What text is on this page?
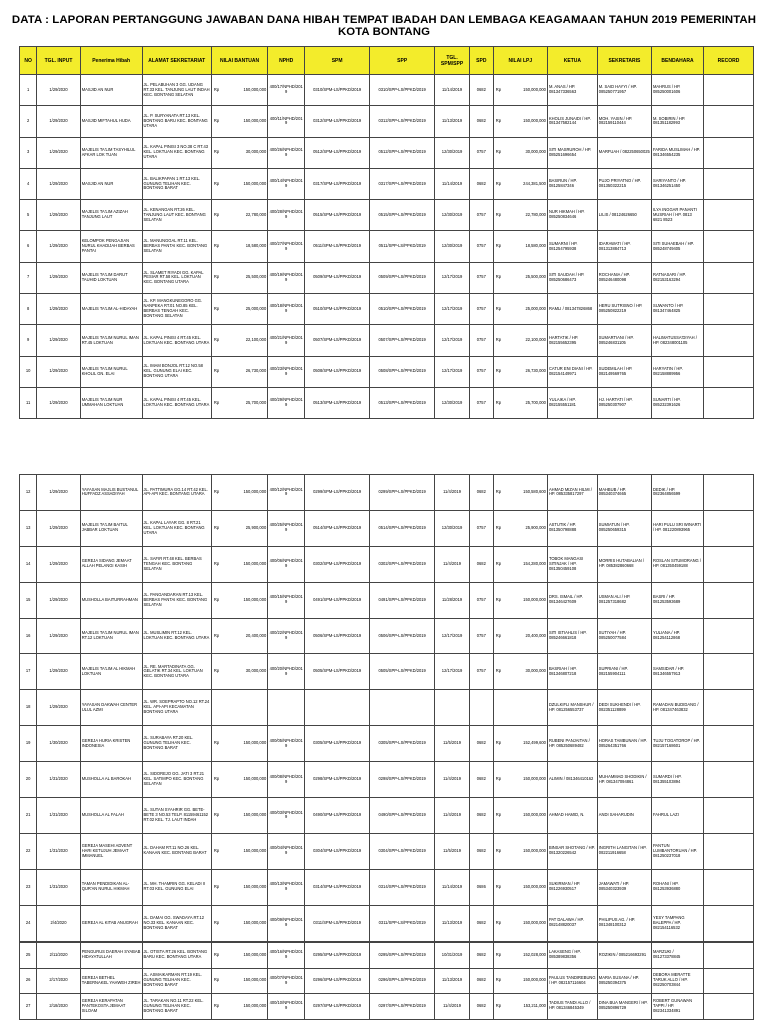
DATA : LAPORAN PERTANGGUNG JAWABAN DANA HIBAH TEMPAT IBADAH DAN LEMBAGA KEAGAMAAN TAHUN 2019 PEMERINTAH KOTA BONTANG
NO	TGL. INPUT	Penerima Hibah	ALAMAT SEKRETARIAT	NILAI BANTUAN	NPHD	SPM	SPP	TGL. SPM/SPP	SPD	NILAI LPJ	KETUA	SEKRETARIS	BENDAHARA	RECORD
1	1/29/2020	MASJID AN NUR	JL. PELABUHAN 3 GG. UDANG RT.33 KEL. TANJUNG LAUT INDAH KEC. BONTANG SELATAN	Rp 150,000,000	400/17/NPHD/2019	0310/SPM-LS/PPKD/2019	0310/SPP-LS/PPKD/2019	11/14/2019	0682	Rp 150,000,000	M. ANAS / HP. 081347336563	M. SAID HAYYI / HP. 085250771957	MAHRUS / HP. 085250001606	
2	1/29/2020	MASJID MIFTAHUL HUDA	JL. P. SURYANATA RT.13 KEL. BONTANG BARU KEC. BONTANG UTARA	Rp 150,000,000	400/11/NPHD/2019	0312/SPM-LS/PPKD/2019	0312/SPP-LS/PPKD/2019	11/13/2019	0682	Rp 150,000,000	KHOLIS JUNAIDI / HP. 081347582144	MOH. YASIN / HP. 082159110444	M. SOBIRIN / HP. 081351182993	
3	1/29/2020	MAJELIS TA'LIM TASYHILUL AFKAR LOK TUAN	JL. KAPAL PINISI 3 NO.38 C RT.43 KEL. LOKTUAN KEC. BONTANG UTARA	Rp 30,000,000	400/26/NPHD/2019	0512/SPM-LS/PPKD/2019	0512/SPP-LS/PPKD/2019	12/30/2019	0757	Rp 30,000,000	SITI MASRUROH / HP. 085251696654	MARFUAH / 082250650025	FARIDA MUSLIMAH / HP. 081346554235	
4	1/29/2020	MASJID AN NUR	JL. BALIKPAPAN 1 RT.13 KEL. GUNUNG TELIHAN KEC. BONTANG BARAT	Rp 150,000,000	400/14/NPHD/2019	0317/SPM-LS/PPKD/2019	0317/SPP-LS/PPKD/2019	11/14/2019	0682	Rp 244,381,500	BASIRUN / HP. 08125847346	PUJO PRIYATNO / HP. 081350322215	SARIYANTO / HP. 081346251450	
5	1/29/2020	MAJELIS TA'LIM AZIZAH TANJUNG LAUT	JL. KENANGAN RT.26 KEL. TANJUNG LAUT KEC. BONTANG SELATAN	Rp 22,780,000	400/28/NPHD/2019	0515/SPM-LS/PPKD/2019	0515/SPP-LS/PPKD/2019	12/30/2019	0757	Rp 22,780,000	NUR HIKMAH / HP. 085250834646	LILIS / 08124626650	ILYA INGGAR PANANTI MUSRIAH / HP. 0813 6821 8523	
6	1/29/2020	KELOMPOK PENGAJIAN NURUL KHADIJAH BERBAS PANTAI	JL. MANUNGGAL RT.11 KEL. BERBAS PANTAI KEC. BONTANG SELATAN	Rp 18,580,000	400/27/NPHD/2019	0511/SPM-LS/PPKD/2019	0511/SPP-LS/PPKD/2019	12/30/2019	0757	Rp 18,580,000	SUMARNI / HP. 081254795938	IDARAWATI / HP. 081313884713	SITI SUHAEBAH / HP. 085248749405	
7	1/29/2020	MAJELIS TA'LIM DARUT TAUHID LOKTUAN	JL. SLAMET RIYADI GG. KAPAL PESIAR RT.58 KEL. LOKTUAN KEC. BONTANG UTARA	Rp 25,500,000	400/19/NPHD/2019	0509/SPM-LS/PPKD/2019	0509/SPP-LS/PPKD/2019	12/17/2019	0757	Rp 25,500,000	SITI SAUDAH / HP. 085250686473	ROCHANIA / HP. 085246480098	RATNASARI / HP. 082153163294	
8	1/29/2020	MAJELIS TA'LIM AL-HIDAYAH	JL. KP. MANGKUNEGORO GG. NANPEKA RT.01 NO.85 KEL. BERBAS TENGAH KEC. BONTANG SELATAN	Rp 25,000,000	400/18/NPHD/2019	0510/SPM-LS/PPKD/2019	0510/SPP-LS/PPKD/2019	12/17/2019	0757	Rp 25,000,000	RAMLI / 081347826868	HERU SUTRISNO / HP. 085250822219	SUWANTO / HP. 081347464825	
9	1/29/2020	MAJELIS TA'LIM NURUL IMAN RT.45 LOKTUAN	JL. KAPAL PINISI 4 RT.45 KEL. LOKTUAN KEC. BONTANG UTARA	Rp 22,100,000	400/21/NPHD/2019	0507/SPM-LS/PPKD/2019	0507/SPP-LS/PPKD/2019	12/17/2019	0757	Rp 22,100,000	HARTATIK / HP. 082155652395	SUMARTIANI / HP. 085246831105	HALIMATUSSA'DIYAH / HP. 082348001105	
10	1/29/2020	MAJELIS TA'LIM NURUL KHOLIL GN. ELAI	JL. IMAM BONJOL RT.12 NO.58 KEL. GUNUNG ELAI KEC. BONTANG UTARA	Rp 26,730,000	400/23/NPHD/2019	0508/SPM-LS/PPKD/2019	0508/SPP-LS/PPKD/2019	12/17/2019	0757	Rp 26,730,000	CATUR ENI DIANI / HP. 082154149971	SUDEMILAH / HP. 082149569765	HARYATIN / HP. 082158889956	
11	1/29/2020	MAJELIS TA'LIM NUR UMMAHAN LOKTUAN	JL. KAPAL PINISI 4 RT.45 KEL. LOKTUAN KEC. BONTANG UTARA	Rp 25,700,000	400/29/NPHD/2019	0513/SPM-LS/PPKD/2019	0513/SPP-LS/PPKD/2019	12/30/2019	0757	Rp 25,700,000	YULAIKA / HP. 082155551181	HJ. HARTATI / HP. 085250307907	SUNARTI / HP. 085232391626	
12	1/29/2020	YAYASAN MAJLIS BUSTANUL HUFFADZ ASSADIYAH	JL. PATTIMURA GG.14 RT.42 KEL. API-API KEC. BONTANG UTARA	Rp 150,000,000	400/12/NPHD/2019	0299/SPM-LS/PPKD/2019	0299/SPP-LS/PPKD/2019	11/4/2019	0682	Rp 150,580,600	AHMAD MIZAN HILMI / HP. 085335817297	MAHBUB / HP. 085340374665	DEDIK / HP. 082364856599	
13	1/29/2020	MAJELIS TA'LIM BAITUL JABBAR LOKTUAN	JL. KAPAL LAYAR GG. 8 RT.21 KEL. LOKTUAN KEC. BONTANG UTARA	Rp 25,900,000	400/25/NPHD/2019	0514/SPM-LS/PPKD/2019	0514/SPP-LS/PPKD/2019	12/30/2019	0757	Rp 25,900,000	ASTUTIK / HP. 081350798888	SUMIATUN / HP. 085250659315	HARI PULU SRI WINARTI / HP. 081220893965	
14	1/29/2020	GEREJA SIDANG JEMAAT ALLAH PELANGI KASIH	JL. SAFIR RT.48 KEL. BERBAS TENGAH KEC. BONTANG SELATAN	Rp 150,000,000	400/06/NPHD/2019	0302/SPM-LS/PPKD/2019	0302/SPP-LS/PPKD/2019	11/4/2019	0682	Rp 154,280,000	TOBOK MANGASI SITINJAK / HP. 081350459108	MORRIS HUTABALIAN / HP. 085382860668	ROSLAN SITUMORANG / HP. 081350459188	
15	1/29/2020	MUSHOLLA BAITURRAHMAN	JL. PANGANDARAN RT.13 KEL. BERBAS PANTAI KEC. BONTANG SELATAN	Rp 150,000,000	400/15/NPHD/2019	0491/SPM-LS/PPKD/2019	0491/SPP-LS/PPKD/2019	11/28/2019	0757	Rp 150,000,000	DRS. ISMAIL / HP. 081346427609	USMAN ALI / HP. 081257318682	BASRI / HP. 081253593689	
16	1/29/2020	MAJELIS TA'LIM NURUL IMAN RT.12 LOKTUAN	JL. MUSLIMIN RT.12 KEL. LOKTUAN KEC. BONTANG UTARA	Rp 20,400,000	400/22/NPHD/2019	0506/SPM-LS/PPKD/2019	0506/SPP-LS/PPKD/2019	12/17/2019	0757	Rp 20,400,000	SITI ISTIAHLIS / HP. 085246661818	SUTIYAH / HP. 085250077584	YULIANA / HP. 081254112868	
17	1/29/2020	MAJELIS TA'LIM AL HIKMAH LOKTUAN	JL. RE. MARTADINATA GG. GELATIK RT.34 KEL. LOKTUAN KEC. BONTANG UTARA	Rp 30,000,000	400/20/NPHD/2019	0505/SPM-LS/PPKD/2019	0505/SPP-LS/PPKD/2019	12/17/2019	0757	Rp 30,000,000	BASRIAH / HP. 081346807218	SUPRIANI / HP. 082155904111	SAMSIDAR / HP. 081346557913	
18	1/29/2020	YAYASAN DAKWAH CENTER ULUL AZMI	JL. WR. SOEPRAPTO NO.12 RT.24 KEL. API-API KECAMATAN BONTANG UTARA								DZULKIFLI MANSHUR / HP. 081256553737	DEDI SUKHENDI / HP. 082351128899	RAMADAN BUDIDANG / HP. 081347463832	
19	1/30/2020	GEREJA HURIA KRISTEN INDONESIA	JL. SURABAYA RT.20 KEL. GUNUNG TELIHAN KEC. BONTANG BARAT	Rp 150,000,000	400/05/NPHD/2019	0305/SPM-LS/PPKD/2019	0305/SPP-LS/PPKD/2019	11/5/2019	0682	Rp 152,499,600	RUBENI PANJAITAN / HP. 085250689482	HORAS TAMBUNAN / HP. 085264351766	TUJU TOGATOROP / HP. 082157168601	
20	1/31/2020	MUSHOLLA AL BAROKAH	JL. SIDOREJO GG. JATI 3 RT.21 KEL. SATIMPO KEC. BONTANG SELATAN	Rp 150,000,000	400/08/NPHD/2019	0298/SPM-LS/PPKD/2019	0298/SPP-LS/PPKD/2019	11/4/2019	0682	Rp 150,000,000	ALIMIN / 081346410162	MUHAMMAD SHODIKIN / HP. 081347094861	SUMARDI / HP. 081355103894	
21	1/31/2020	MUSHOLLA AL FALAH	JL. SUTAN SYAHRIR GG. BETE-BETE 3 NO.53 TELP. 81159461152 RT.02 KEL. TJ. LAUT INDAH	Rp 150,000,000	400/03/NPHD/2019	0490/SPM-LS/PPKD/2019	0490/SPP-LS/PPKD/2019	11/4/2019	0682	Rp 150,000,000	AHMAD HAMID, N.	ANDI SAHARUDIN	FAHRUL LAZI	
22	1/31/2020	GEREJA MASEHI ADVENT HARI KETUJUH JEMAAT IMMANUEL	JL. DAHAM RT.11 NO.26 KEL. KANAAN KEC. BONTANG BARAT	Rp 150,000,000	400/04/NPHD/2019	0304/SPM-LS/PPKD/2019	0304/SPP-LS/PPKD/2019	11/5/2019	0682	Rp 150,000,000	BINSAR SHOTANG / HP. 081320226542	INGRITH LANGITAN / HP. 082211916658	PANTUN LUMBANTORUAN / HP. 081250237018	
23	1/31/2020	TAMAN PENDIDIKAN AL-QUR'AN NURUL HIKMAH	JL. MH. THAMRIN GG. KELADI II RT.03 KEL. GUNUNG ELAI	Rp 150,000,000	400/13/NPHD/2019	0314/SPM-LS/PPKD/2019	0314/SPP-LS/PPKD/2019	11/14/2019	0686	Rp 150,000,000	SUKIRMAN / HP. 081226930517	JAMAWATI / HP. 085340323939	ROHANI / HP. 081253936880	
24	2/4/2020	GEREJA AL KITAB ANUGRAH	JL. DAMAI GG. SWADAYA RT.12 NO.33 KEL. KANAAN KEC. BONTANG BARAT	Rp 150,000,000	400/09/NPHD/2019	0311/SPM-LS/PPKD/2019	0311/SPP-LS/PPKD/2019	11/13/2019	0682	Rp 150,000,000	PAT DALAWA / HP. 082148820037	PHILIPUS AG. / HP. 081348100312	YESY TAMPANG BALEPPA / HP. 082154116532	
25	2/11/2020	PENGURUS DAERAH SYABAB HIDAYATULLAH	JL. OTISTA RT.26 KEL. BONTANG BARU KEC. BONTANG UTARA	Rp 150,000,000	400/16/NPHD/2019	0295/SPM-LS/PPKD/2019	0295/SPP-LS/PPKD/2019	10/31/2019	0682	Rp 152,028,000	LAKASENG / HP. 085389838356	ROZIKIN / 085216693291	MARZUKI / 081273378845	
26	2/17/2020	GEREJA BETHEL TABERNAKEL YAHWEH ZIREH	JL. ASMAIKARMAN RT.19 KEL. GUNUNG TELIHAN KEC. BONTANG BARAT	Rp 150,000,000	400/07/NPHD/2019	0296/SPM-LS/PPKD/2019	0296/SPP-LS/PPKD/2019	11/13/2019	0682	Rp 150,000,000	PAULUS TANDIREBUNG / HP. 082157116604	MARIA SUSANA / HP. 085250394375	DEBORA MERATTE TARUK ALLO / HP. 082250703844	
27	2/18/2020	GEREJA KERAPATAN PANTEKOSTA JEMAAT SILOAM	JL. TARAKAN NO.11 RT.22 KEL. GUNUNG TELIHAN KEC. BONTANG BARAT	Rp 150,000,000	400/10/NPHD/2019	0297/SPM-LS/PPKD/2019	0297/SPP-LS/PPKD/2019	11/4/2019	0682	Rp 153,211,000	TADIUS TANDI ALLO / HP. 081346845349	DINA BUA MANGERI / HP. 085250896729	ROBERT GUNAWAN TAPPI / HP. 082341334891	
